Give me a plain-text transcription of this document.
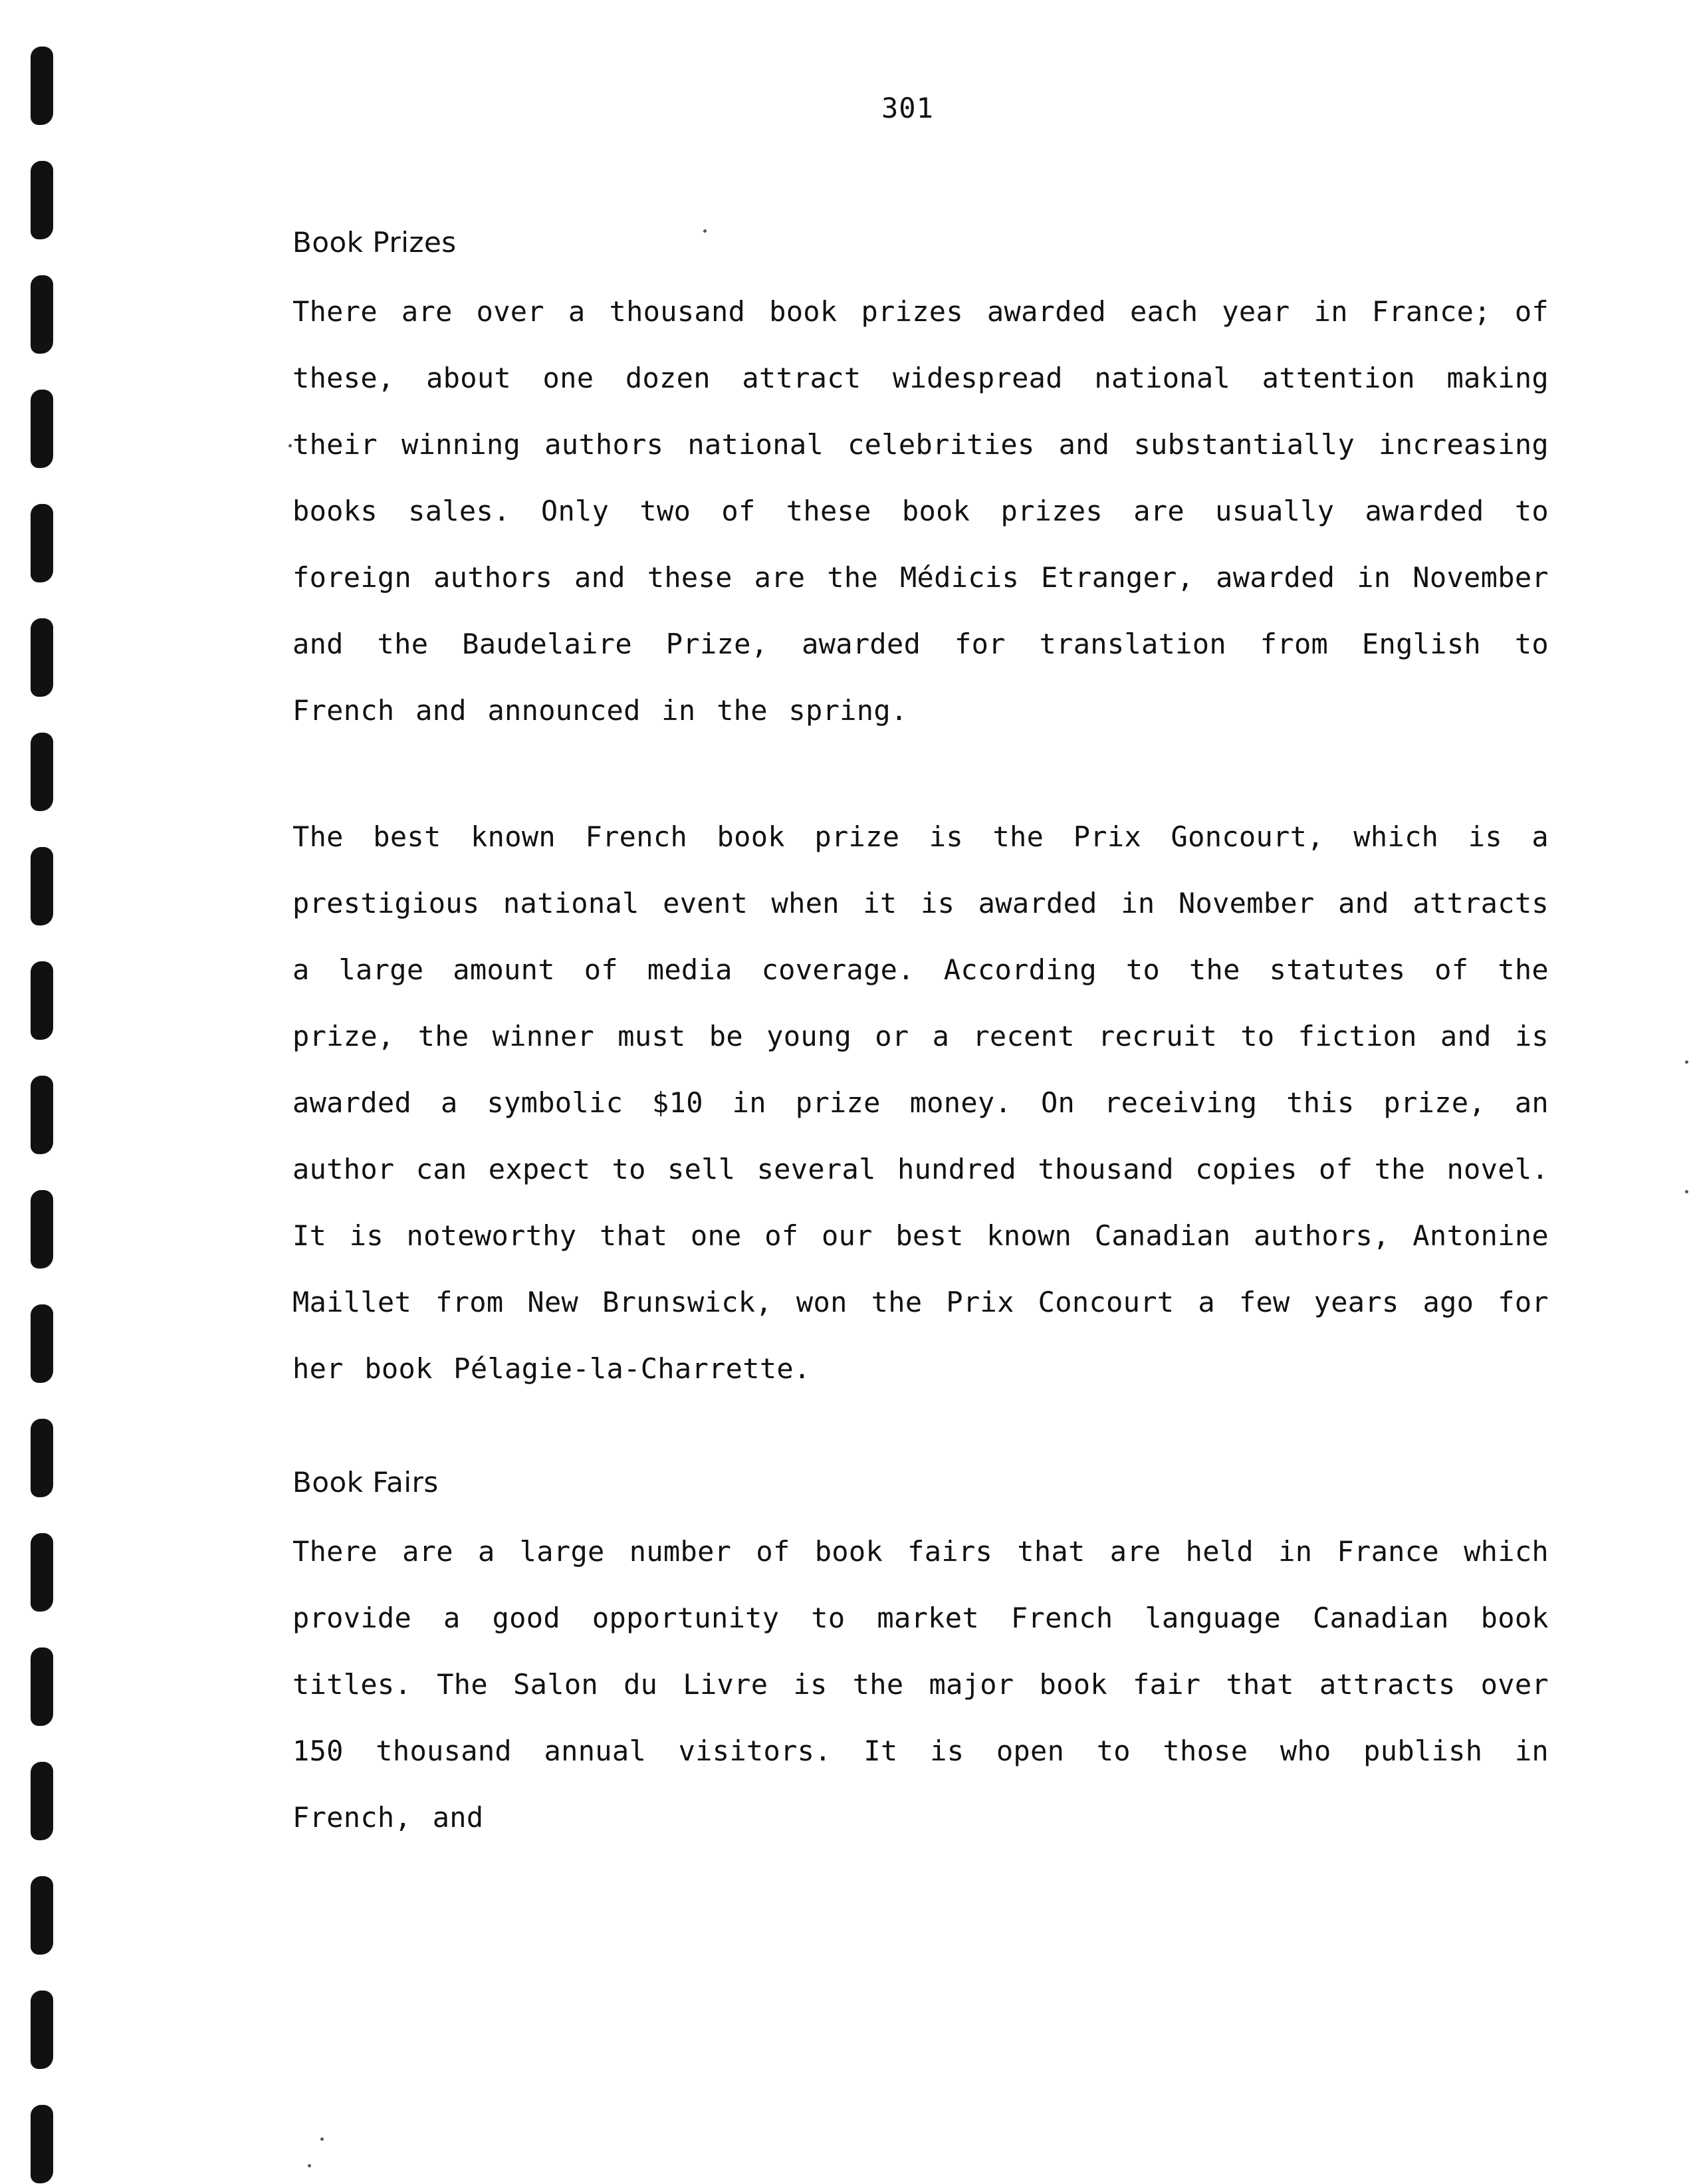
301
Book Prizes

There are over a thousand book prizes awarded each year in France; of these, about one dozen attract widespread national attention making their winning authors national celebrities and substantially increasing books sales. Only two of these book prizes are usually awarded to foreign authors and these are the Médicis Etranger, awarded in November and the Baudelaire Prize, awarded for translation from English to French and announced in the spring.

The best known French book prize is the Prix Goncourt, which is a prestigious national event when it is awarded in November and attracts a large amount of media coverage. According to the statutes of the prize, the winner must be young or a recent recruit to fiction and is awarded a symbolic $10 in prize money. On receiving this prize, an author can expect to sell several hundred thousand copies of the novel. It is noteworthy that one of our best known Canadian authors, Antonine Maillet from New Brunswick, won the Prix Concourt a few years ago for her book Pélagie-la-Charrette.

Book Fairs

There are a large number of book fairs that are held in France which provide a good opportunity to market French language Canadian book titles. The Salon du Livre is the major book fair that attracts over 150 thousand annual visitors. It is open to those who publish in French, and
